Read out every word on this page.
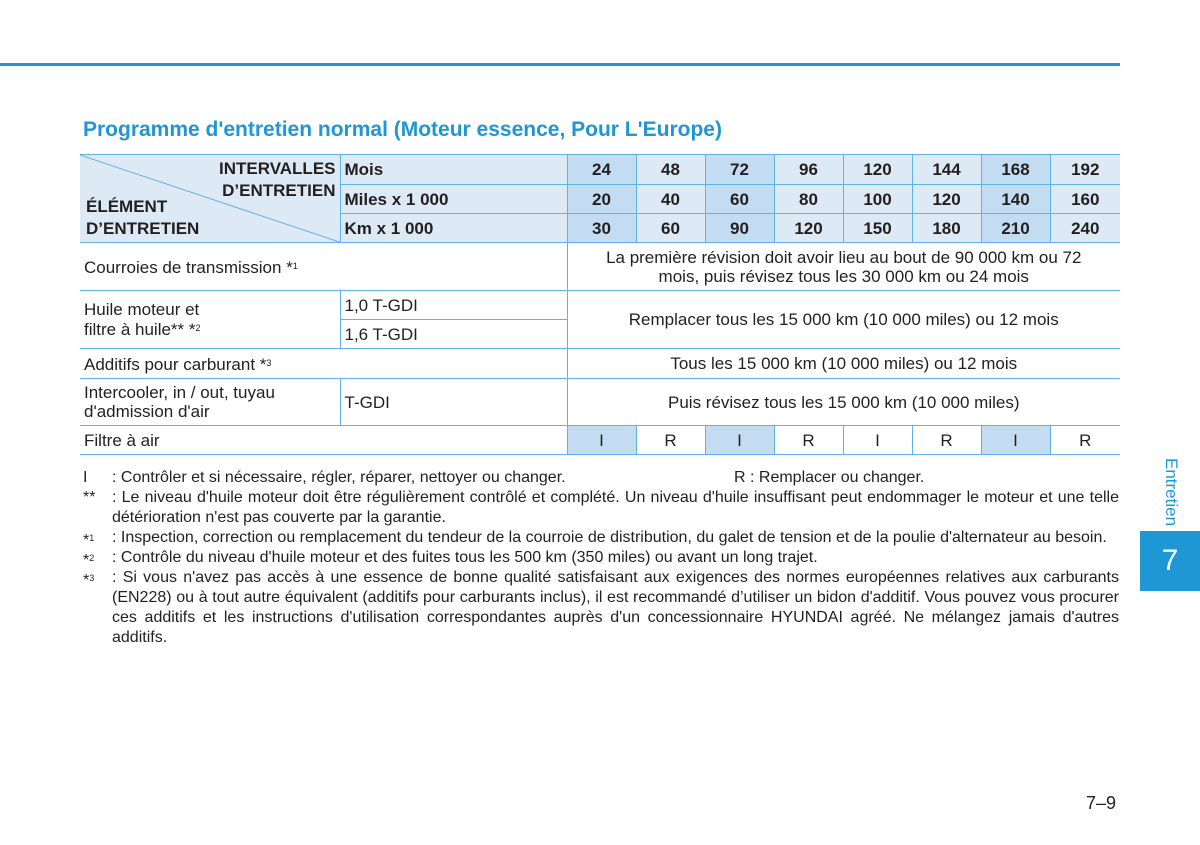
Programme d'entretien normal (Moteur essence, Pour L'Europe)
INTERVALLES
D’ENTRETIEN
ÉLÉMENT
D’ENTRETIEN	Mois	24	48	72	96	120	144	168	192
	Miles x 1 000	20	40	60	80	100	120	140	160
	Km x 1 000	30	60	90	120	150	180	210	240
Courroies de transmission *$^1$		La première révision doit avoir lieu au bout de 90 000 km ou 72
mois, puis révisez tous les 30 000 km ou 24 mois							

Huile moteur et
filtre à huile** *$^2$	1,0 T-GDI	Remplacer tous les 15 000 km (10 000 miles) ou 12 mois							
	1,6 T-GDI								
Additifs pour carburant *$^3$		Tous les 15 000 km (10 000 miles) ou 12 mois							

Intercooler, in / out, tuyau
d'admission d'air	T-GDI	Puis révisez tous les 15 000 km (10 000 miles)							
Filtre à air		I	R	I	R	I	R	I	R
I : Contrôler et si nécessaire, régler, réparer, nettoyer ou changer.	R : Remplacer ou changer.
** : Le niveau d'huile moteur doit être régulièrement contrôlé et complété. Un niveau d'huile insuffisant peut endommager le moteur et une telle détérioration n'est pas couverte par la garantie.
*$^1$ : Inspection, correction ou remplacement du tendeur de la courroie de distribution, du galet de tension et de la poulie d'alternateur au besoin.
*$^2$ : Contrôle du niveau d'huile moteur et des fuites tous les 500 km (350 miles) ou avant un long trajet.
*$^3$ : Si vous n'avez pas accès à une essence de bonne qualité satisfaisant aux exigences des normes européennes relatives aux carburants (EN228) ou à tout autre équivalent (additifs pour carburants inclus), il est recommandé d’utiliser un bidon d'additif. Vous pouvez vous procurer ces additifs et les instructions d'utilisation correspondantes auprès d'un concessionnaire HYUNDAI agréé. Ne mélangez jamais d'autres additifs.
Entretien
7
7–9
